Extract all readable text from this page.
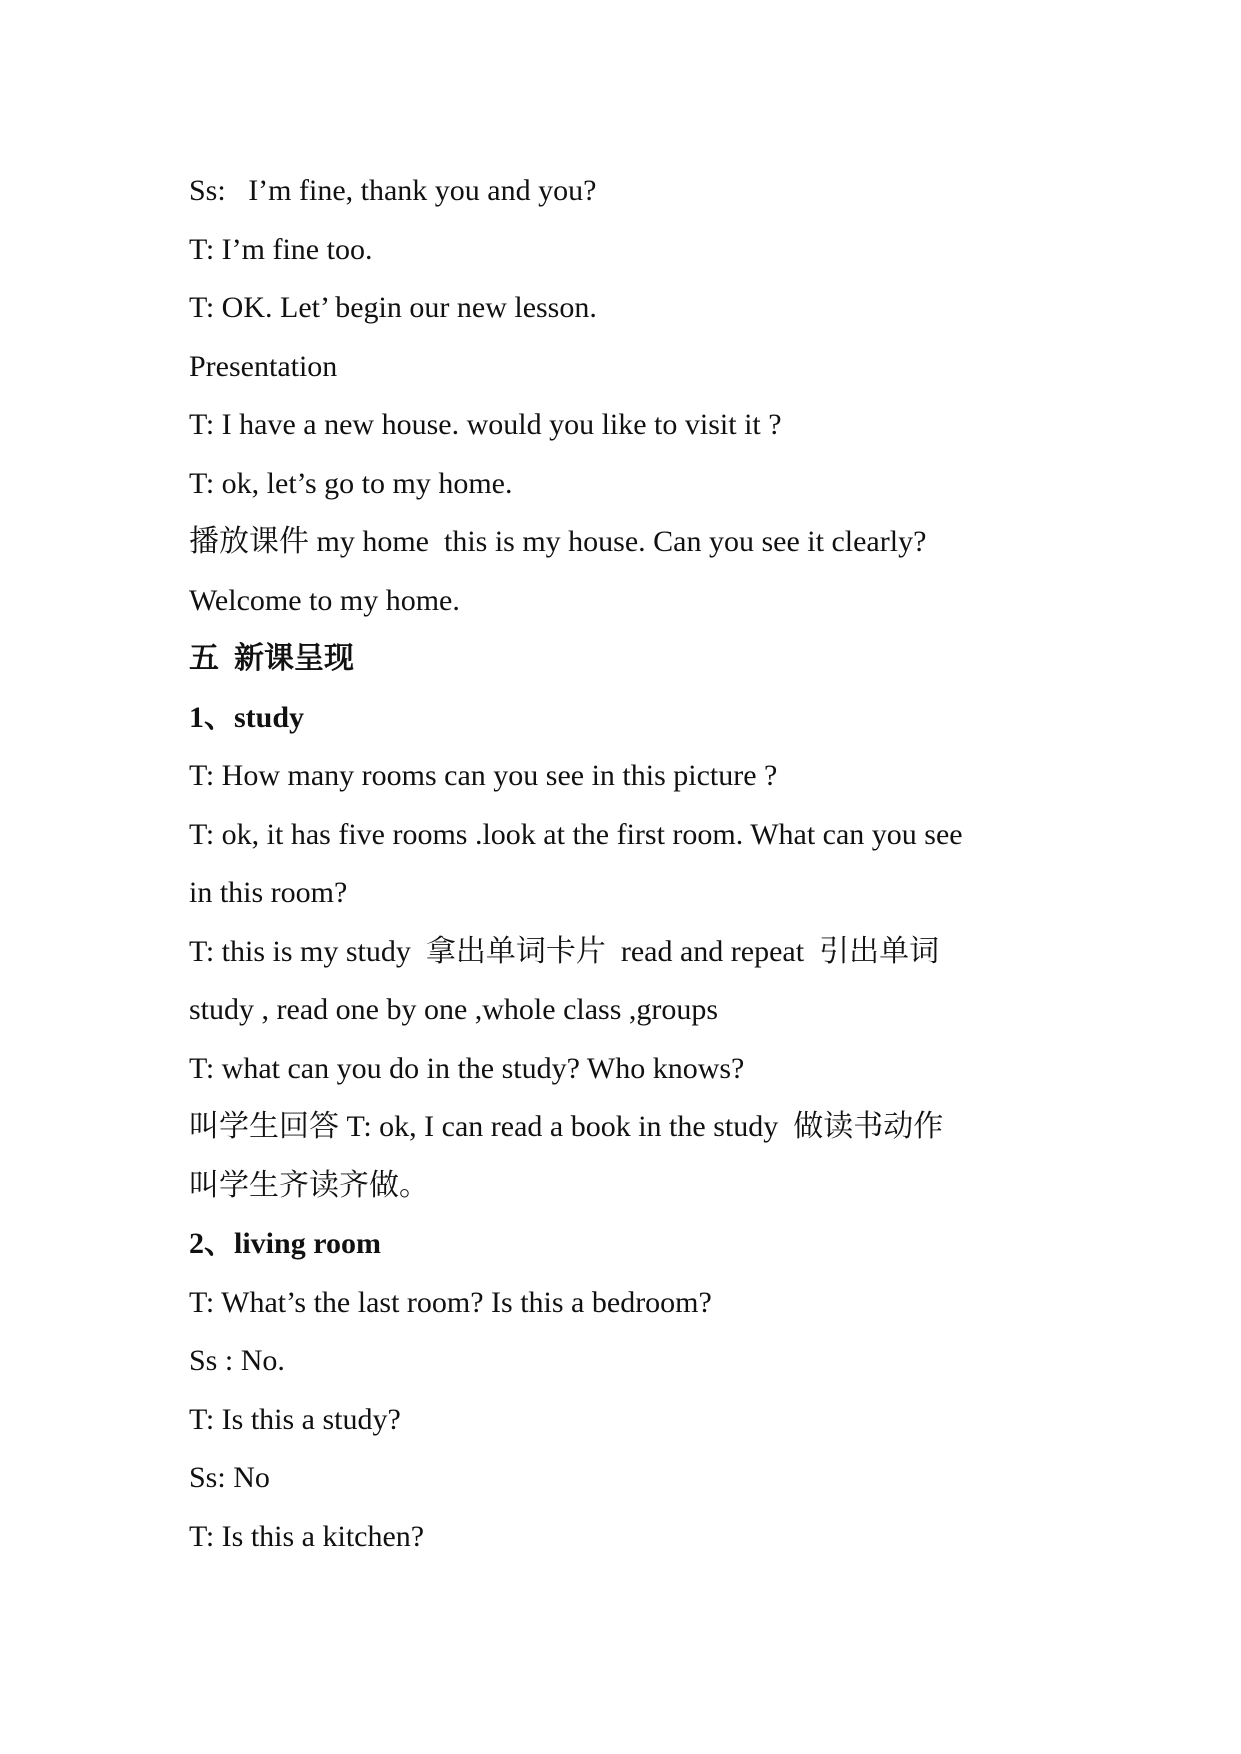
Ss:   I’m fine, thank you and you?
T: I’m fine too.
T: OK. Let’ begin our new lesson.
Presentation
T: I have a new house. would you like to visit it ?
T: ok, let’s go to my home.
播放课件 my home  this is my house. Can you see it clearly?
Welcome to my home.
五  新课呈现
1、study
T: How many rooms can you see in this picture ?
T: ok, it has five rooms .look at the first room. What can you see
in this room?
T: this is my study  拿出单词卡片  read and repeat  引出单词
study , read one by one ,whole class ,groups
T: what can you do in the study? Who knows?
叫学生回答 T: ok, I can read a book in the study  做读书动作
叫学生齐读齐做。
2、living room
T: What’s the last room? Is this a bedroom?
Ss : No.
T: Is this a study?
Ss: No
T: Is this a kitchen?
